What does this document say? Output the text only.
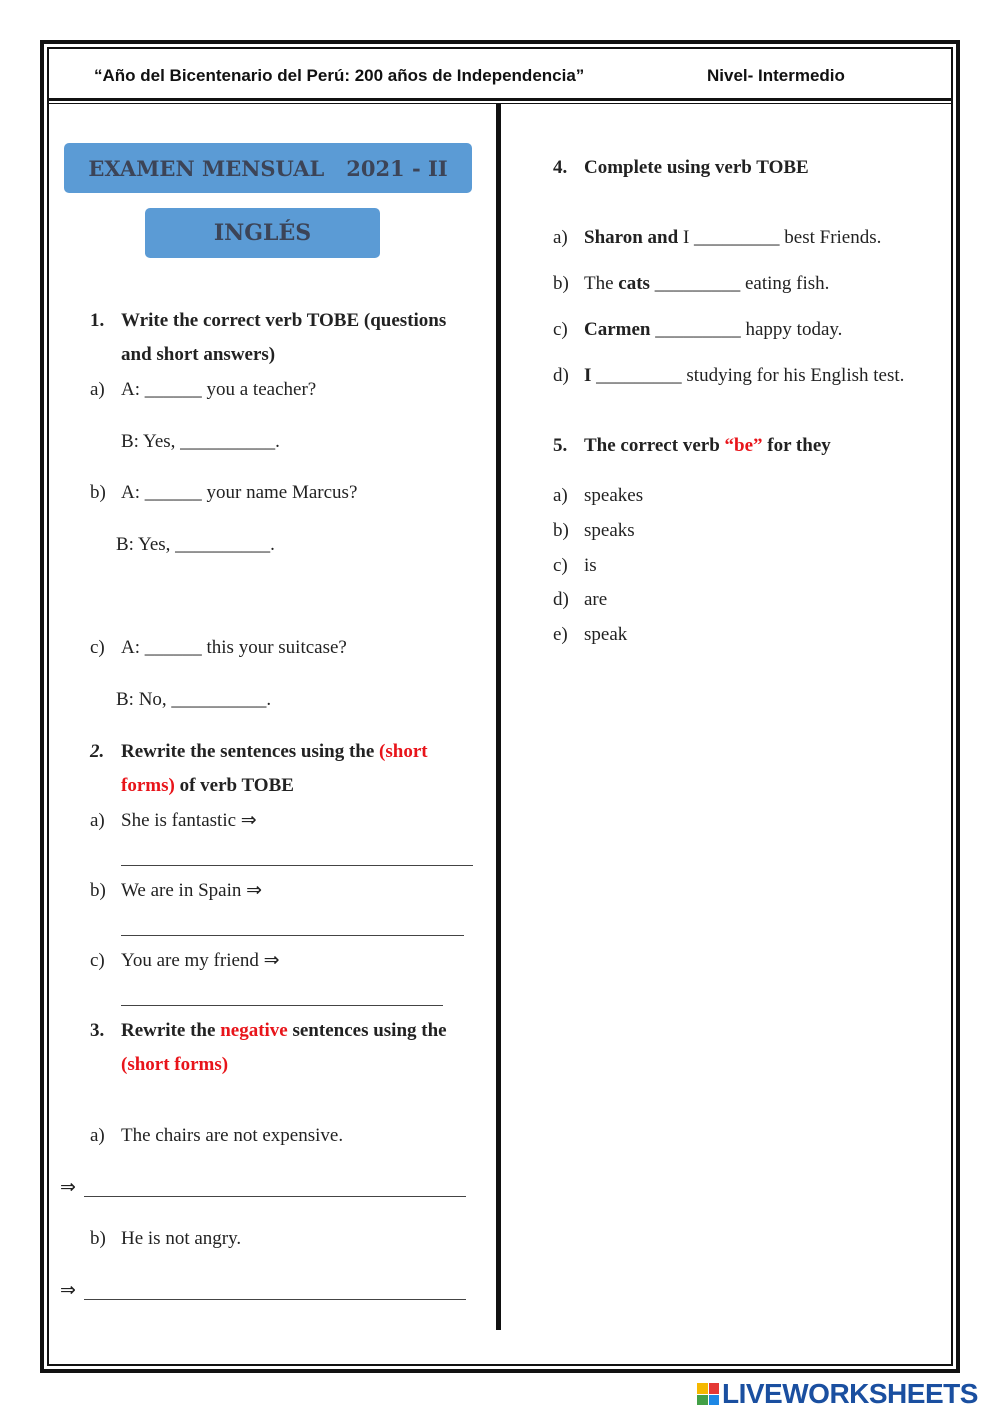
“Año del Bicentenario del Perú: 200 años de Independencia”	Nivel- Intermedio
EXAMEN MENSUAL   2021 - II
INGLÉS
1. Write the correct verb TOBE (questions
and short answers)
a) A: ______ you a teacher?
B: Yes, __________.
b) A: ______ your name Marcus?
B: Yes, __________.
c) A: ______ this your suitcase?
B: No, __________.
2. Rewrite the sentences using the (short
forms) of verb TOBE
a) She is fantastic ⇒
b) We are in Spain ⇒
c) You are my friend ⇒
3. Rewrite the negative sentences using the
(short forms)
a) The chairs are not expensive.
⇒
b) He is not angry.
⇒
4. Complete using verb TOBE
a) Sharon and I _________ best Friends.
b) The cats _________ eating fish.
c) Carmen _________ happy today.
d) I _________ studying for his English test.
5. The correct verb “be” for they
a) speakes
b) speaks
c) is
d) are
e) speak
LIVEWORKSHEETS
